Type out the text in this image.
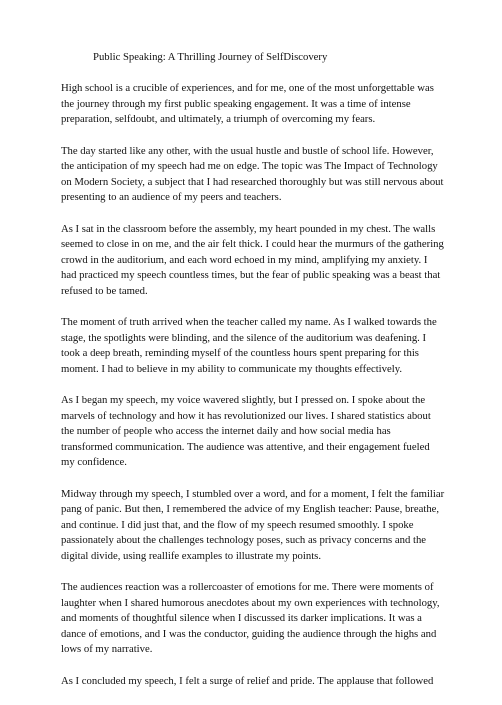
Public Speaking: A Thrilling Journey of SelfDiscovery

High school is a crucible of experiences, and for me, one of the most unforgettable was the journey through my first public speaking engagement. It was a time of intense preparation, selfdoubt, and ultimately, a triumph of overcoming my fears.

The day started like any other, with the usual hustle and bustle of school life. However, the anticipation of my speech had me on edge. The topic was The Impact of Technology on Modern Society, a subject that I had researched thoroughly but was still nervous about presenting to an audience of my peers and teachers.

As I sat in the classroom before the assembly, my heart pounded in my chest. The walls seemed to close in on me, and the air felt thick. I could hear the murmurs of the gathering crowd in the auditorium, and each word echoed in my mind, amplifying my anxiety. I had practiced my speech countless times, but the fear of public speaking was a beast that refused to be tamed.

The moment of truth arrived when the teacher called my name. As I walked towards the stage, the spotlights were blinding, and the silence of the auditorium was deafening. I took a deep breath, reminding myself of the countless hours spent preparing for this moment. I had to believe in my ability to communicate my thoughts effectively.

As I began my speech, my voice wavered slightly, but I pressed on. I spoke about the marvels of technology and how it has revolutionized our lives. I shared statistics about the number of people who access the internet daily and how social media has transformed communication. The audience was attentive, and their engagement fueled my confidence.

Midway through my speech, I stumbled over a word, and for a moment, I felt the familiar pang of panic. But then, I remembered the advice of my English teacher: Pause, breathe, and continue. I did just that, and the flow of my speech resumed smoothly. I spoke passionately about the challenges technology poses, such as privacy concerns and the digital divide, using reallife examples to illustrate my points.

The audiences reaction was a rollercoaster of emotions for me. There were moments of laughter when I shared humorous anecdotes about my own experiences with technology, and moments of thoughtful silence when I discussed its darker implications. It was a dance of emotions, and I was the conductor, guiding the audience through the highs and lows of my narrative.

As I concluded my speech, I felt a surge of relief and pride. The applause that followed
